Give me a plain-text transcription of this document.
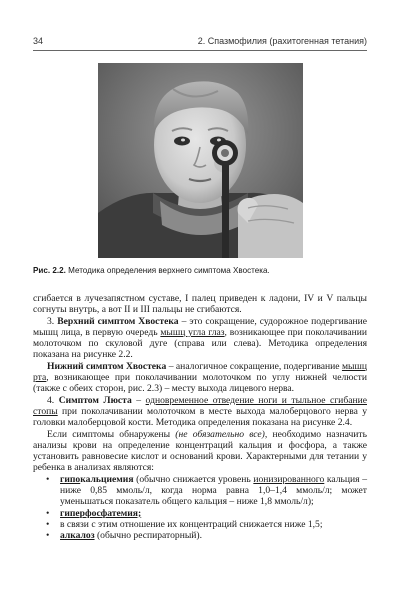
34	2. Спазмофилия (рахитогенная тетания)
Рис. 2.2. Методика определения верхнего симптома Хвостека.

сгибается в лучезапястном суставе, I палец приведен к ладони, IV и V пальцы согнуты внутрь, а вот II и III пальцы не сгибаются.

3. Верхний симптом Хвостека – это сокращение, судорожное подергивание мышц лица, в первую очередь мышц угла глаз, возникающее при поколачивании молоточком по скуловой дуге (справа или слева). Методика определения показана на рисунке 2.2.

Нижний симптом Хвостека – аналогичное сокращение, подергивание мышц рта, возникающее при поколачивании молоточком по углу нижней челюсти (также с обеих сторон, рис. 2.3) – месту выхода лицевого нерва.

4. Симптом Люста – одновременное отведение ноги и тыльное сгибание стопы при поколачивании молоточком в месте выхода малоберцового нерва у головки малоберцовой кости. Методика определения показана на рисунке 2.4.

Если симптомы обнаружены (не обязательно все), необходимо назначить анализы крови на определение концентраций кальция и фосфора, а также установить равновесие кислот и оснований крови. Характерными для тетании у ребенка в анализах являются:

• гипокальциемия (обычно снижается уровень ионизированного кальция – ниже 0,85 ммоль/л, когда норма равна 1,0–1,4 ммоль/л; может уменьшаться показатель общего кальция – ниже 1,8 ммоль/л);
• гиперфосфатемия;
• в связи с этим отношение их концентраций снижается ниже 1,5;
• алкалоз (обычно респираторный).
